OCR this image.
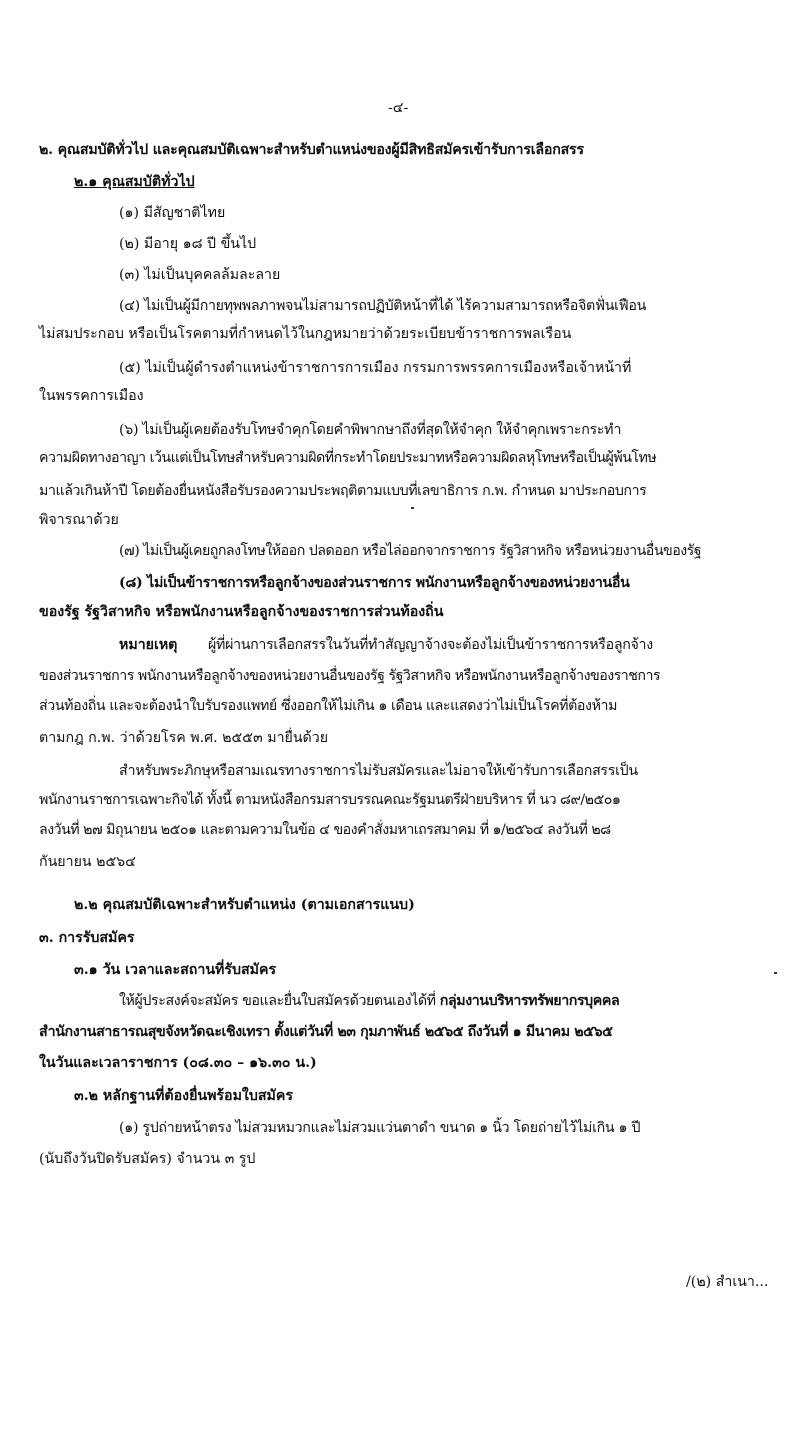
-๔-
๒. คุณสมบัติทั่วไป และคุณสมบัติเฉพาะสำหรับตำแหน่งของผู้มีสิทธิสมัครเข้ารับการเลือกสรร
๒.๑ คุณสมบัติทั่วไป
(๑) มีสัญชาติไทย
(๒) มีอายุ ๑๘ ปี ขึ้นไป
(๓) ไม่เป็นบุคคลล้มละลาย
(๔) ไม่เป็นผู้มีกายทุพพลภาพจนไม่สามารถปฏิบัติหน้าที่ได้ ไร้ความสามารถหรือจิตฟั่นเฟือน
ไม่สมประกอบ หรือเป็นโรคตามที่กำหนดไว้ในกฎหมายว่าด้วยระเบียบข้าราชการพลเรือน
(๕) ไม่เป็นผู้ดำรงตำแหน่งข้าราชการการเมือง กรรมการพรรคการเมืองหรือเจ้าหน้าที่
ในพรรคการเมือง
(๖) ไม่เป็นผู้เคยต้องรับโทษจำคุกโดยคำพิพากษาถึงที่สุดให้จำคุก ให้จำคุกเพราะกระทำ
ความผิดทางอาญา เว้นแต่เป็นโทษสำหรับความผิดที่กระทำโดยประมาทหรือความผิดลหุโทษหรือเป็นผู้พ้นโทษ
มาแล้วเกินห้าปี โดยต้องยื่นหนังสือรับรองความประพฤติตามแบบที่เลขาธิการ ก.พ. กำหนด มาประกอบการ
พิจารณาด้วย
(๗) ไม่เป็นผู้เคยถูกลงโทษให้ออก ปลดออก หรือไล่ออกจากราชการ รัฐวิสาหกิจ หรือหน่วยงานอื่นของรัฐ
(๘) ไม่เป็นข้าราชการหรือลูกจ้างของส่วนราชการ พนักงานหรือลูกจ้างของหน่วยงานอื่น
ของรัฐ รัฐวิสาหกิจ หรือพนักงานหรือลูกจ้างของราชการส่วนท้องถิ่น
หมายเหตุ ผู้ที่ผ่านการเลือกสรรในวันที่ทำสัญญาจ้างจะต้องไม่เป็นข้าราชการหรือลูกจ้าง
ของส่วนราชการ พนักงานหรือลูกจ้างของหน่วยงานอื่นของรัฐ รัฐวิสาหกิจ หรือพนักงานหรือลูกจ้างของราชการ
ส่วนท้องถิ่น และจะต้องนำใบรับรองแพทย์ ซึ่งออกให้ไม่เกิน ๑ เดือน และแสดงว่าไม่เป็นโรคที่ต้องห้าม
ตามกฎ ก.พ. ว่าด้วยโรค พ.ศ. ๒๕๕๓ มายื่นด้วย
สำหรับพระภิกษุหรือสามเณรทางราชการไม่รับสมัครและไม่อาจให้เข้ารับการเลือกสรรเป็น
พนักงานราชการเฉพาะกิจได้ ทั้งนี้ ตามหนังสือกรมสารบรรณคณะรัฐมนตรีฝ่ายบริหาร ที่ นว ๘๙/๒๕๐๑
ลงวันที่ ๒๗ มิถุนายน ๒๕๐๑ และตามความในข้อ ๔ ของคำสั่งมหาเถรสมาคม ที่ ๑/๒๕๖๔ ลงวันที่ ๒๘
กันยายน ๒๕๖๔
๒.๒ คุณสมบัติเฉพาะสำหรับตำแหน่ง (ตามเอกสารแนบ)
๓. การรับสมัคร
๓.๑ วัน เวลาและสถานที่รับสมัคร
ให้ผู้ประสงค์จะสมัคร ขอและยื่นใบสมัครด้วยตนเองได้ที่ กลุ่มงานบริหารทรัพยากรบุคคล
สำนักงานสาธารณสุขจังหวัดฉะเชิงเทรา ตั้งแต่วันที่ ๒๓ กุมภาพันธ์ ๒๕๖๕ ถึงวันที่ ๑ มีนาคม ๒๕๖๕
ในวันและเวลาราชการ (๐๘.๓๐ – ๑๖.๓๐ น.)
๓.๒ หลักฐานที่ต้องยื่นพร้อมใบสมัคร
(๑) รูปถ่ายหน้าตรง ไม่สวมหมวกและไม่สวมแว่นตาดำ ขนาด ๑ นิ้ว โดยถ่ายไว้ไม่เกิน ๑ ปี
(นับถึงวันปิดรับสมัคร) จำนวน ๓ รูป
/(๒) สำเนา...
